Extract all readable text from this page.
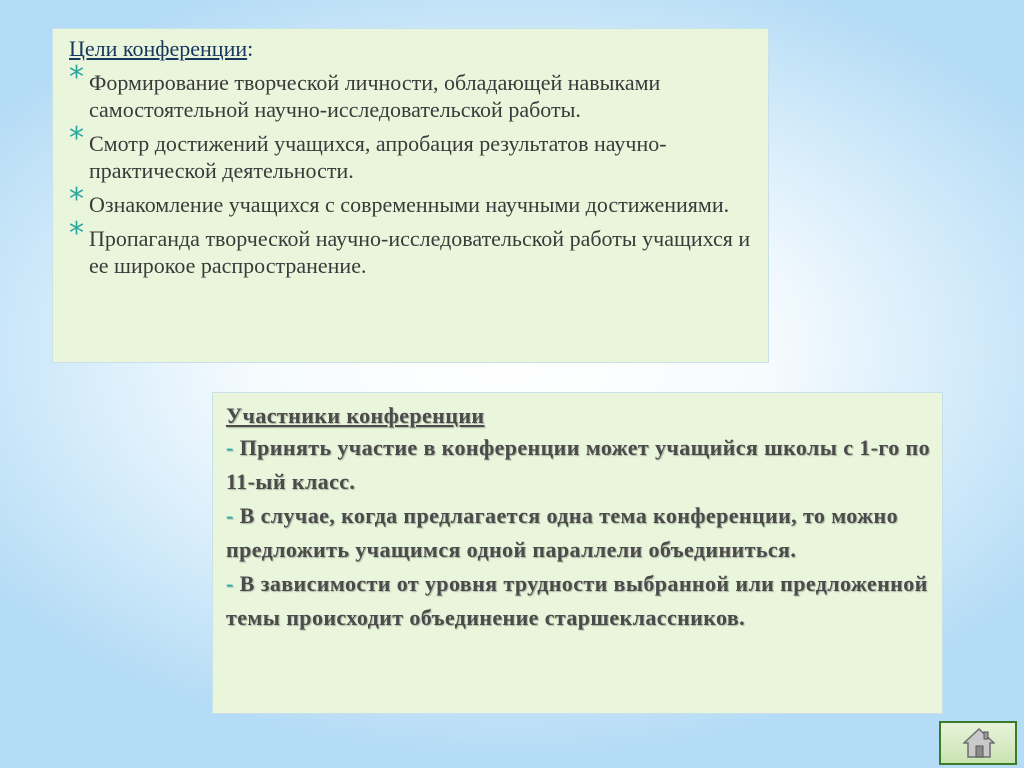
Цели конференции:
* Формирование творческой личности, обладающей навыками самостоятельной научно-исследовательской работы.
* Смотр достижений учащихся, апробация результатов научно-практической деятельности.
* Ознакомление учащихся с современными научными достижениями.
* Пропаганда творческой научно-исследовательской работы учащихся и ее широкое распространение.
Участники конференции
- Принять участие в конференции может учащийся школы с 1-го по 11-ый класс.
- В случае, когда предлагается одна тема конференции, то можно предложить учащимся одной параллели объединиться.
- В зависимости от уровня трудности выбранной или предложенной темы происходит объединение старшеклассников.
